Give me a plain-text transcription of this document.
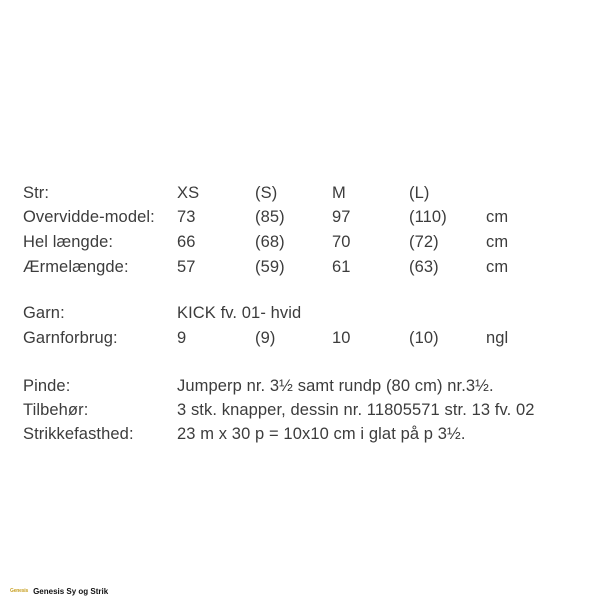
Str:	XS	(S)	M	(L)
Overvidde-model: 73	(85)	97	(110) cm
Hel længde:	66	(68)	70	(72)	cm
Ærmelængde:	57	(59)	61	(63)	cm
Garn:	KICK fv. 01- hvid
Garnforbrug:	9	(9)	10	(10)	ngl
Pinde:	Jumperp nr. 3½ samt rundp (80 cm) nr.3½.
Tilbehør:	3 stk. knapper, dessin nr. 11805571 str. 13 fv. 02
Strikkefasthed:	23 m x 30 p = 10x10 cm i glat på p 3½.
Genesis Genesis Sy og Strik
